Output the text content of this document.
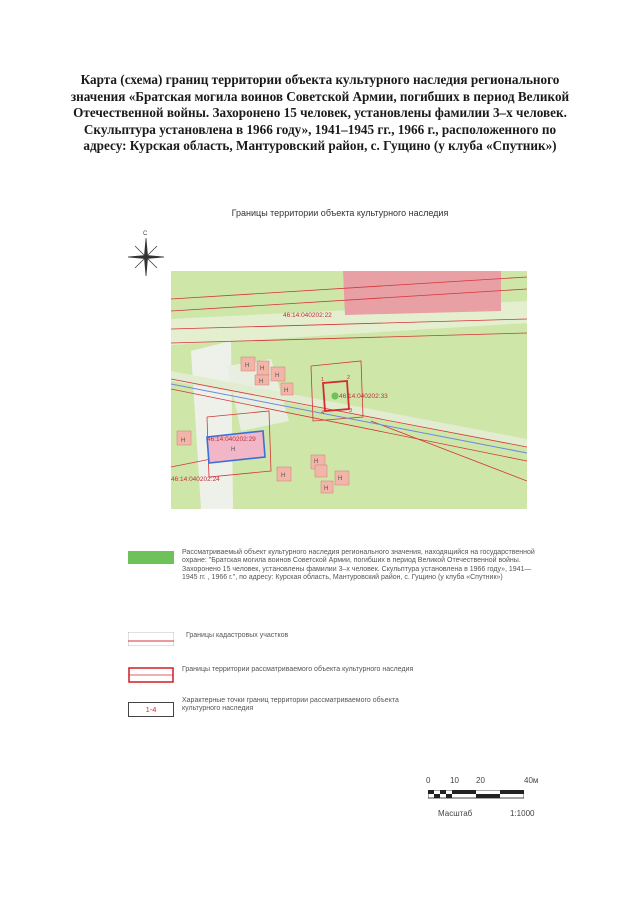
Карта (схема) границ территории объекта культурного наследия регионального значения «Братская могила воинов Советской Армии, погибших в период Великой Отечественной войны. Захоронено 15 человек, установлены фамилии 3–х человек. Скульптура установлена в 1966 году», 1941–1945 гг., 1966 г., расположенного по адресу: Курская область, Мантуровский район, с. Гущино (у клуба «Спутник»)
Границы территории объекта культурного наследия
С
46:14:040202:22
46:14:040202:33
46:14:040202:29
46:14:040202:24
Н Н
Н
Н
Н
Н
Н
Н
Н
Н
Н
1	2
3
4
Рассматриваемый объект культурного наследия регионального значения, находящийся на государственной охране: "Братская могила воинов Советской Армии, погибших в период Великой Отечественной войны. Захоронено 15 человек, установлены фамилии 3–х человек. Скульптура установлена в 1966 году», 1941—1945 гг. , 1966 г.", по адресу: Курская область, Мантуровский район, с. Гущино (у клуба «Спутник»)
Границы кадастровых участков
Границы территории рассматриваемого объекта культурного наследия
1-4
Характерные точки границ территории рассматриваемого объекта культурного наследия
0 10 20	40м
Масштаб	1:1000
